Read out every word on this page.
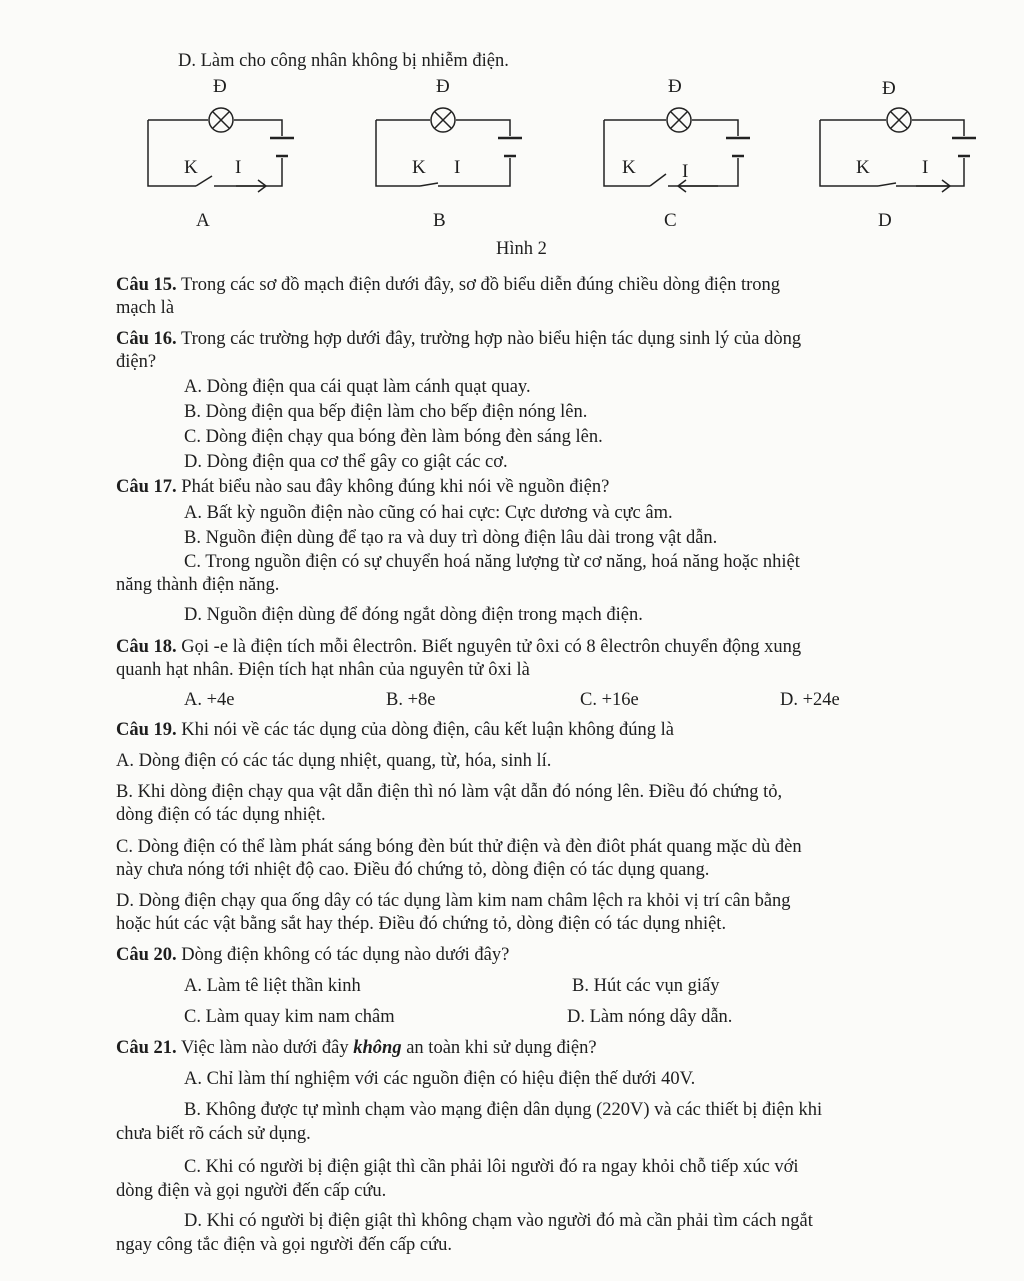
D. Làm cho công nhân không bị nhiễm điện.
Đ
K I
A
Đ
K I
B
Đ
K I
C
Đ
K	I
D
Hình 2
Câu 15. Trong các sơ đồ mạch điện dưới đây, sơ đồ biểu diễn đúng chiều dòng điện trong
mạch là
Câu 16. Trong các trường hợp dưới đây, trường hợp nào biểu hiện tác dụng sinh lý của dòng
điện?
A. Dòng điện qua cái quạt làm cánh quạt quay.
B. Dòng điện qua bếp điện làm cho bếp điện nóng lên.
C. Dòng điện chạy qua bóng đèn làm bóng đèn sáng lên.
D. Dòng điện qua cơ thể gây co giật các cơ.
Câu 17. Phát biểu nào sau đây không đúng khi nói về nguồn điện?
A. Bất kỳ nguồn điện nào cũng có hai cực: Cực dương và cực âm.
B. Nguồn điện dùng để tạo ra và duy trì dòng điện lâu dài trong vật dẫn.
C. Trong nguồn điện có sự chuyển hoá năng lượng từ cơ năng, hoá năng hoặc nhiệt
năng thành điện năng.
D. Nguồn điện dùng để đóng ngắt dòng điện trong mạch điện.
Câu 18. Gọi -e là điện tích mỗi êlectrôn. Biết nguyên tử ôxi có 8 êlectrôn chuyển động xung
quanh hạt nhân. Điện tích hạt nhân của nguyên tử ôxi là
A. +4e	B. +8e	C. +16e	D. +24e
Câu 19. Khi nói về các tác dụng của dòng điện, câu kết luận không đúng là
A. Dòng điện có các tác dụng nhiệt, quang, từ, hóa, sinh lí.
B. Khi dòng điện chạy qua vật dẫn điện thì nó làm vật dẫn đó nóng lên. Điều đó chứng tỏ,
dòng điện có tác dụng nhiệt.
C. Dòng điện có thể làm phát sáng bóng đèn bút thử điện và đèn điôt phát quang mặc dù đèn
này chưa nóng tới nhiệt độ cao. Điều đó chứng tỏ, dòng điện có tác dụng quang.
D. Dòng điện chạy qua ống dây có tác dụng làm kim nam châm lệch ra khỏi vị trí cân bằng
hoặc hút các vật bằng sắt hay thép. Điều đó chứng tỏ, dòng điện có tác dụng nhiệt.
Câu 20. Dòng điện không có tác dụng nào dưới đây?
A. Làm tê liệt thần kinh	B. Hút các vụn giấy
C. Làm quay kim nam châm	D. Làm nóng dây dẫn.
Câu 21. Việc làm nào dưới đây không an toàn khi sử dụng điện?
A. Chỉ làm thí nghiệm với các nguồn điện có hiệu điện thế dưới 40V.
B. Không được tự mình chạm vào mạng điện dân dụng (220V) và các thiết bị điện khi
chưa biết rõ cách sử dụng.
C. Khi có người bị điện giật thì cần phải lôi người đó ra ngay khỏi chỗ tiếp xúc với
dòng điện và gọi người đến cấp cứu.
D. Khi có người bị điện giật thì không chạm vào người đó mà cần phải tìm cách ngắt
ngay công tắc điện và gọi người đến cấp cứu.
